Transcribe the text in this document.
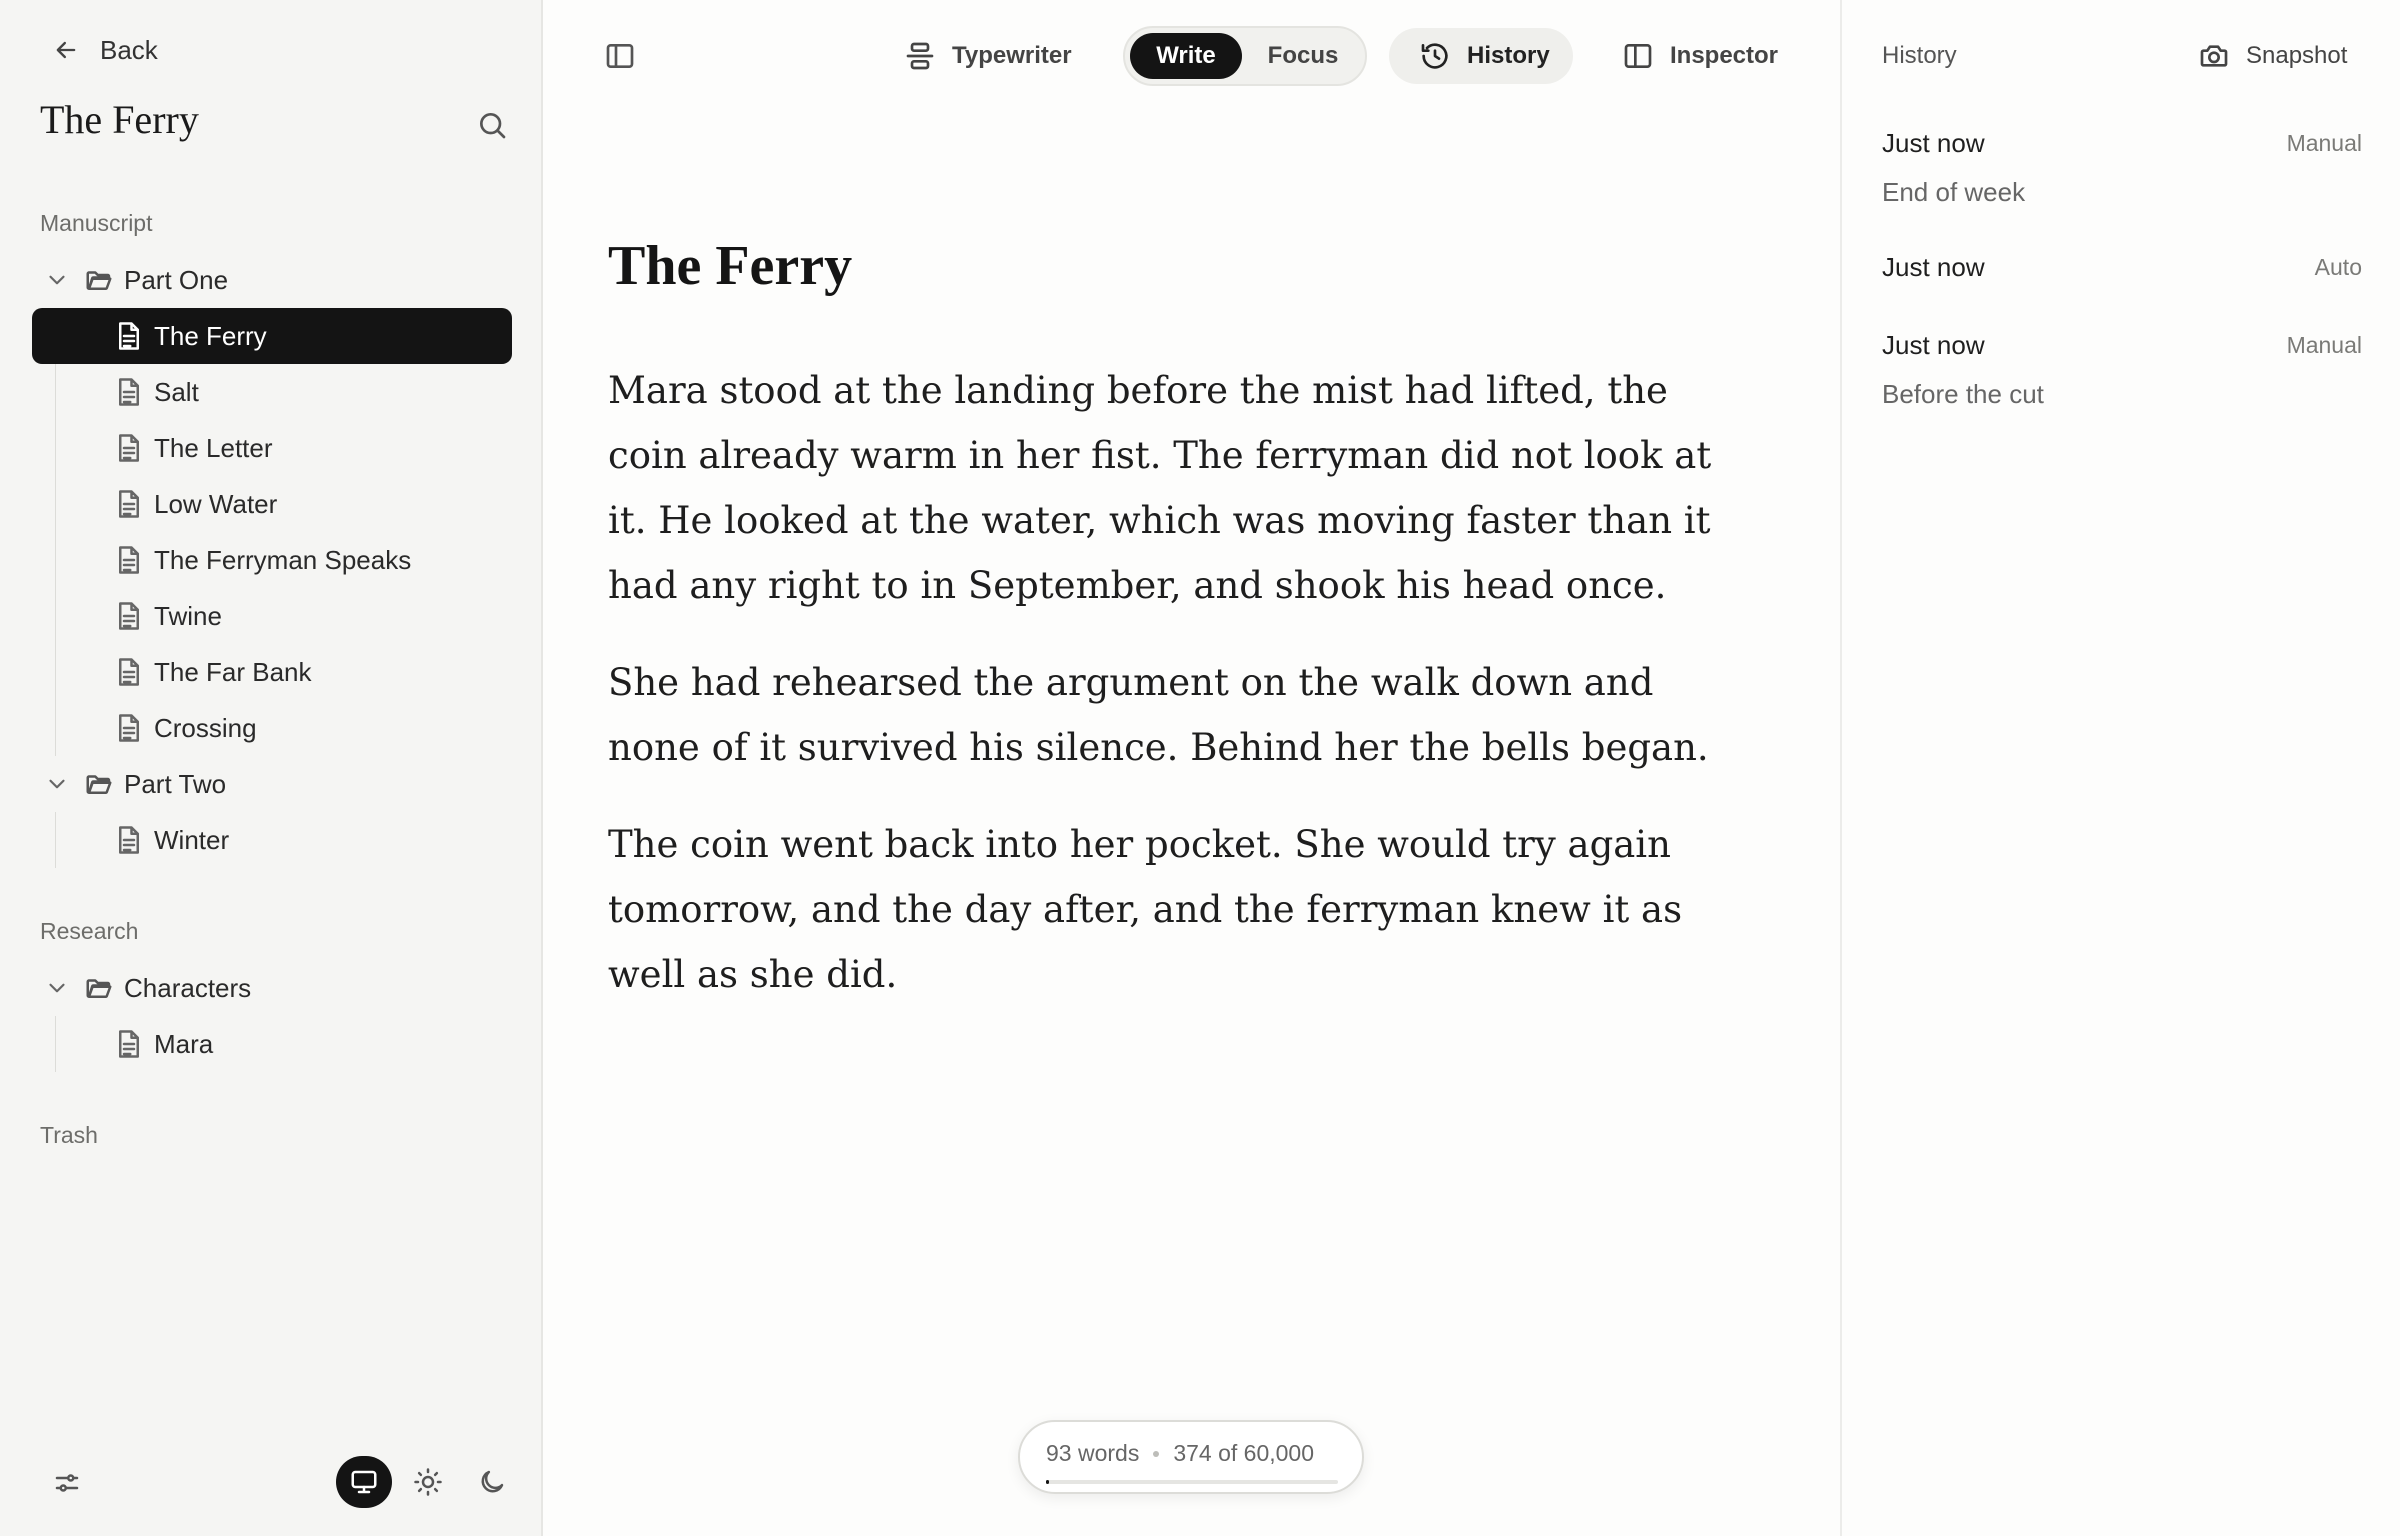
Back
The Ferry
Manuscript
Part One
The Ferry
Salt
The Letter
Low Water
The Ferryman Speaks
Twine
The Far Bank
Crossing
Part Two
Winter
Research
Characters
Mara
Trash
Typewriter	Write	Focus	History	Inspector
The Ferry

Mara stood at the landing before the mist had lifted, the coin already warm in her fist. The ferryman did not look at it. He looked at the water, which was moving faster than it had any right to in September, and shook his head once.

She had rehearsed the argument on the walk down and none of it survived his silence. Behind her the bells began.

The coin went back into her pocket. She would try again tomorrow, and the day after, and the ferryman knew it as well as she did.

93 words 374 of 60,000
History	Snapshot
Just now	Manual
End of week
Just now	Auto
Just now	Manual
Before the cut
